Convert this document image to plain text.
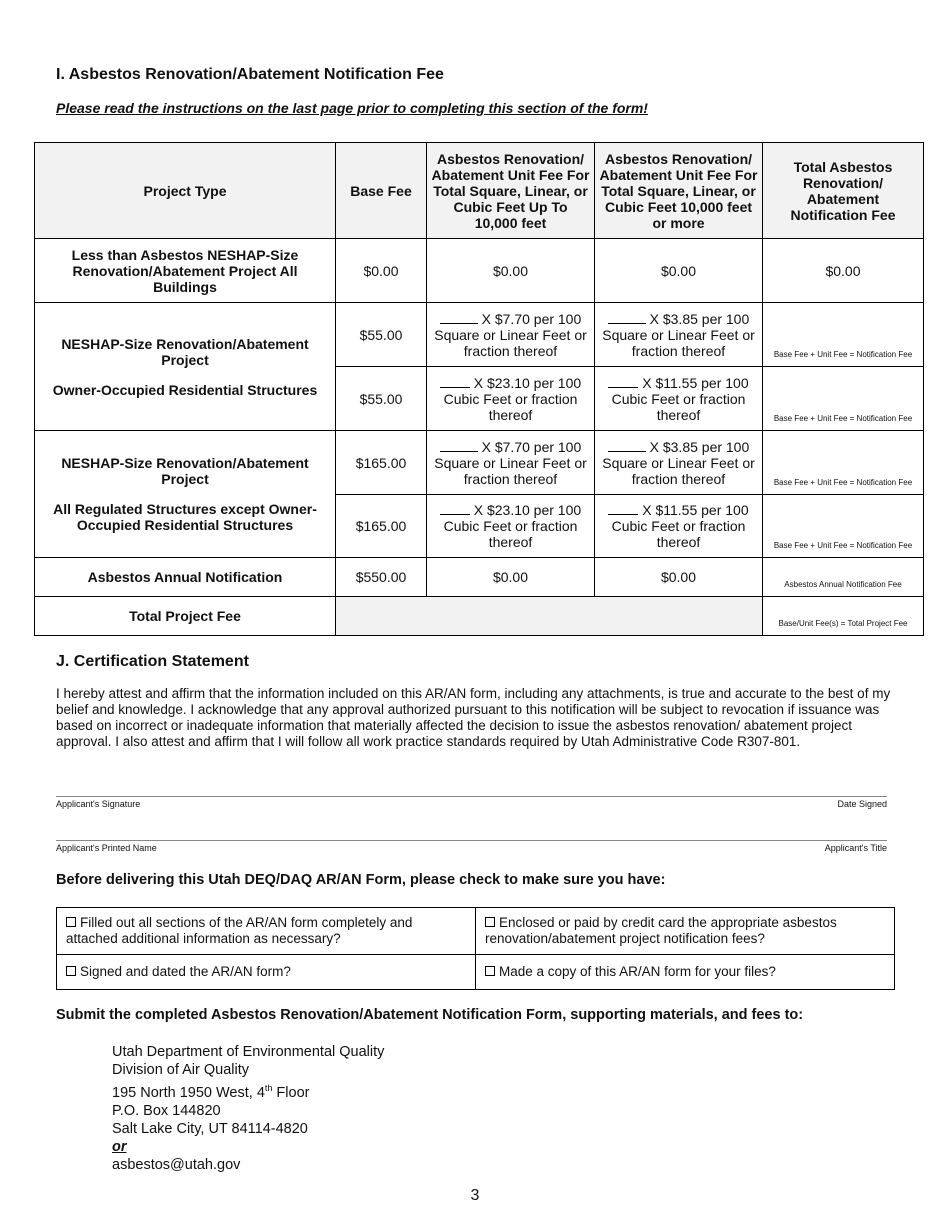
I. Asbestos Renovation/Abatement Notification Fee
Please read the instructions on the last page prior to completing this section of the form!
Project Type	Base Fee	Asbestos Renovation/ Abatement Unit Fee For Total Square, Linear, or Cubic Feet Up To 10,000 feet	Asbestos Renovation/ Abatement Unit Fee For Total Square, Linear, or Cubic Feet 10,000 feet or more	Total Asbestos Renovation/ Abatement Notification Fee
Less than Asbestos NESHAP-Size Renovation/Abatement Project All Buildings	$0.00	$0.00	$0.00	$0.00

NESHAP-Size Renovation/Abatement Project
Owner-Occupied Residential Structures	$55.00	X $7.70 per 100 Square or Linear Feet or fraction thereof	X $3.85 per 100 Square or Linear Feet or fraction thereof	Base Fee + Unit Fee = Notification Fee
	$55.00	X $23.10 per 100 Cubic Feet or fraction thereof	X $11.55 per 100 Cubic Feet or fraction thereof	Base Fee + Unit Fee = Notification Fee

NESHAP-Size Renovation/Abatement Project
All Regulated Structures except Owner-Occupied Residential Structures	$165.00	X $7.70 per 100 Square or Linear Feet or fraction thereof	X $3.85 per 100 Square or Linear Feet or fraction thereof	Base Fee + Unit Fee = Notification Fee
	$165.00	X $23.10 per 100 Cubic Feet or fraction thereof	X $11.55 per 100 Cubic Feet or fraction thereof	Base Fee + Unit Fee = Notification Fee
Asbestos Annual Notification	$550.00	$0.00	$0.00	Asbestos Annual Notification Fee
Total Project Fee				Base/Unit Fee(s) = Total Project Fee
J. Certification Statement
I hereby attest and affirm that the information included on this AR/AN form, including any attachments, is true and accurate to the best of my belief and knowledge. I acknowledge that any approval authorized pursuant to this notification will be subject to revocation if issuance was based on incorrect or inadequate information that materially affected the decision to issue the asbestos renovation/ abatement project approval. I also attest and affirm that I will follow all work practice standards required by Utah Administrative Code R307-801.
Applicant's Signature	Date Signed
Applicant's Printed Name	Applicant's Title
Before delivering this Utah DEQ/DAQ AR/AN Form, please check to make sure you have:
Filled out all sections of the AR/AN form completely and attached additional information as necessary?	Enclosed or paid by credit card the appropriate asbestos renovation/abatement project notification fees?
Signed and dated the AR/AN form?	Made a copy of this AR/AN form for your files?
Submit the completed Asbestos Renovation/Abatement Notification Form, supporting materials, and fees to:
Utah Department of Environmental Quality
Division of Air Quality
195 North 1950 West, 4th Floor
P.O. Box 144820
Salt Lake City, UT 84114-4820
or
asbestos@utah.gov
3
